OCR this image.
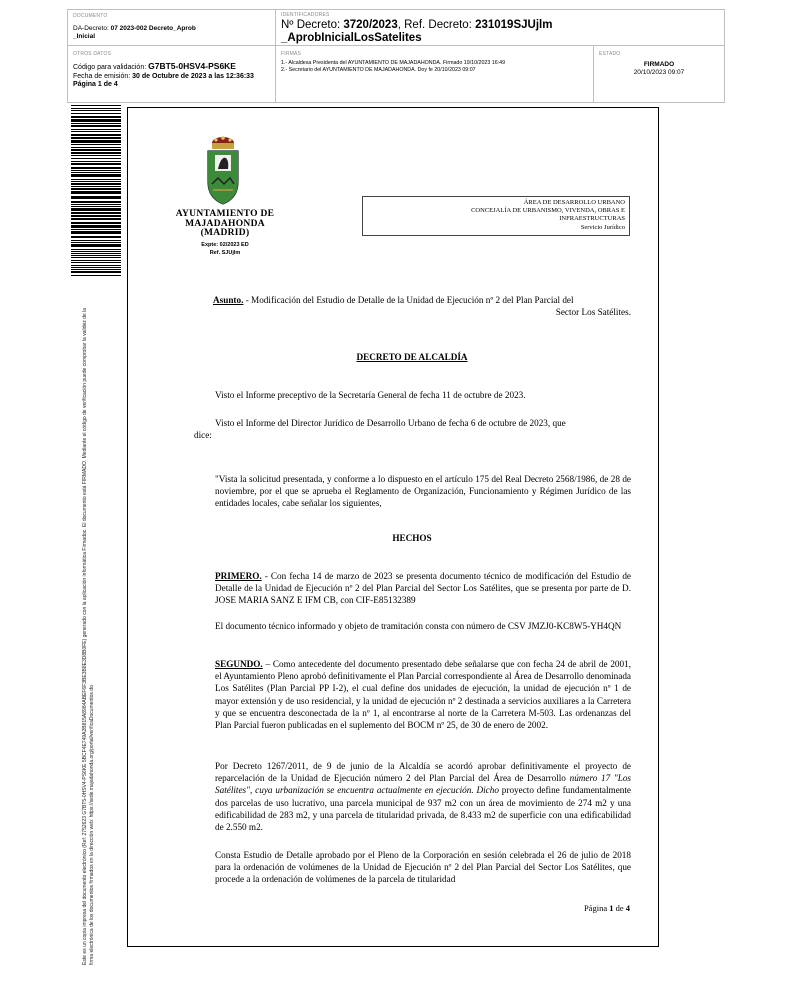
DOCUMENTO
DA-Decreto: 07 2023-002 Decreto_Aprob
_Inicial
IDENTIFICADORES
Nº Decreto: 3720/2023, Ref. Decreto: 231019SJUjlm
_AprobInicialLosSatelites
OTROS DATOS
Código para validación: G7BT5-0HSV4-PS6KE
Fecha de emisión: 30 de Octubre de 2023 a las 12:36:33
Página 1 de 4
FIRMAS
1.- Alcaldesa Presidenta del AYUNTAMIENTO DE MAJADAHONDA. Firmado 19/10/2023 16:49
2.- Secretario del AYUNTAMIENTO DE MAJADAHONDA. Doy fe 20/10/2023 09:07
ESTADO
FIRMADO
20/10/2023 09:07
Este es un copia impresa del documento electrónico (Ref: 2752623 G7BT5-0HSV4-PS6KE 5BCF4E749A2B815A8984ABEF6F3BE3B8E3D8B0FE) generado con la aplicación informática Firmadoc. El documento está FIRMADO. Mediante el código de verificación puede comprobar la validez de la firma electrónica de los documentos firmados en la dirección web: https://sede.majadahonda.org/portal/verificaDocumentos.do
AYUNTAMIENTO DE
MAJADAHONDA
(MADRID)
Expte: 02/2023 ED
Ref. SJUjlm
ÁREA DE DESARROLLO URBANO
CONCEJALÍA DE URBANISMO, VIVENDA, OBRAS E
INFRAESTRUCTURAS
Servicio Jurídico
Asunto. - Modificación del Estudio de Detalle de la Unidad de Ejecución nº 2 del Plan Parcial del
Sector Los Satélites.
DECRETO DE ALCALDÍA
Visto el Informe preceptivo de la Secretaría General de fecha 11 de octubre de 2023.
Visto el Informe del Director Jurídico de Desarrollo Urbano de fecha 6 de octubre de 2023, que
dice:
"Vista la solicitud presentada, y conforme a lo dispuesto en el artículo 175 del Real Decreto 2568/1986, de 28 de noviembre, por el que se aprueba el Reglamento de Organización, Funcionamiento y Régimen Jurídico de las entidades locales, cabe señalar los siguientes,
HECHOS
PRIMERO. - Con fecha 14 de marzo de 2023 se presenta documento técnico de modificación del Estudio de Detalle de la Unidad de Ejecución nº 2 del Plan Parcial del Sector Los Satélites, que se presenta por parte de D. JOSE MARIA SANZ E IFM CB, con CIF-E85132389
El documento técnico informado y objeto de tramitación consta con número de CSV JMZJ0-KC8W5-YH4QN
SEGUNDO. – Como antecedente del documento presentado debe señalarse que con fecha 24 de abril de 2001, el Ayuntamiento Pleno aprobó definitivamente el Plan Parcial correspondiente al Área de Desarrollo denominada Los Satélites (Plan Parcial PP I-2), el cual define dos unidades de ejecución, la unidad de ejecución nº 1 de mayor extensión y de uso residencial, y la unidad de ejecución nº 2 destinada a servicios auxiliares a la Carretera y que se encuentra desconectada de la nº 1, al encontrarse al norte de la Carretera M-503. Las ordenanzas del Plan Parcial fueron publicadas en el suplemento del BOCM nº 25, de 30 de enero de 2002.
Por Decreto 1267/2011, de 9 de junio de la Alcaldía se acordó aprobar definitivamente el proyecto de reparcelación de la Unidad de Ejecución número 2 del Plan Parcial del Área de Desarrollo número 17 "Los Satélites", cuya urbanización se encuentra actualmente en ejecución. Dicho proyecto define fundamentalmente dos parcelas de uso lucrativo, una parcela municipal de 937 m2 con un área de movimiento de 274 m2 y una edificabilidad de 283 m2, y una parcela de titularidad privada, de 8.433 m2 de superficie con una edificabilidad de 2.550 m2.
Consta Estudio de Detalle aprobado por el Pleno de la Corporación en sesión celebrada el 26 de julio de 2018 para la ordenación de volúmenes de la Unidad de Ejecución nº 2 del Plan Parcial del Sector Los Satélites, que procede a la ordenación de volúmenes de la parcela de titularidad
Página 1 de 4
